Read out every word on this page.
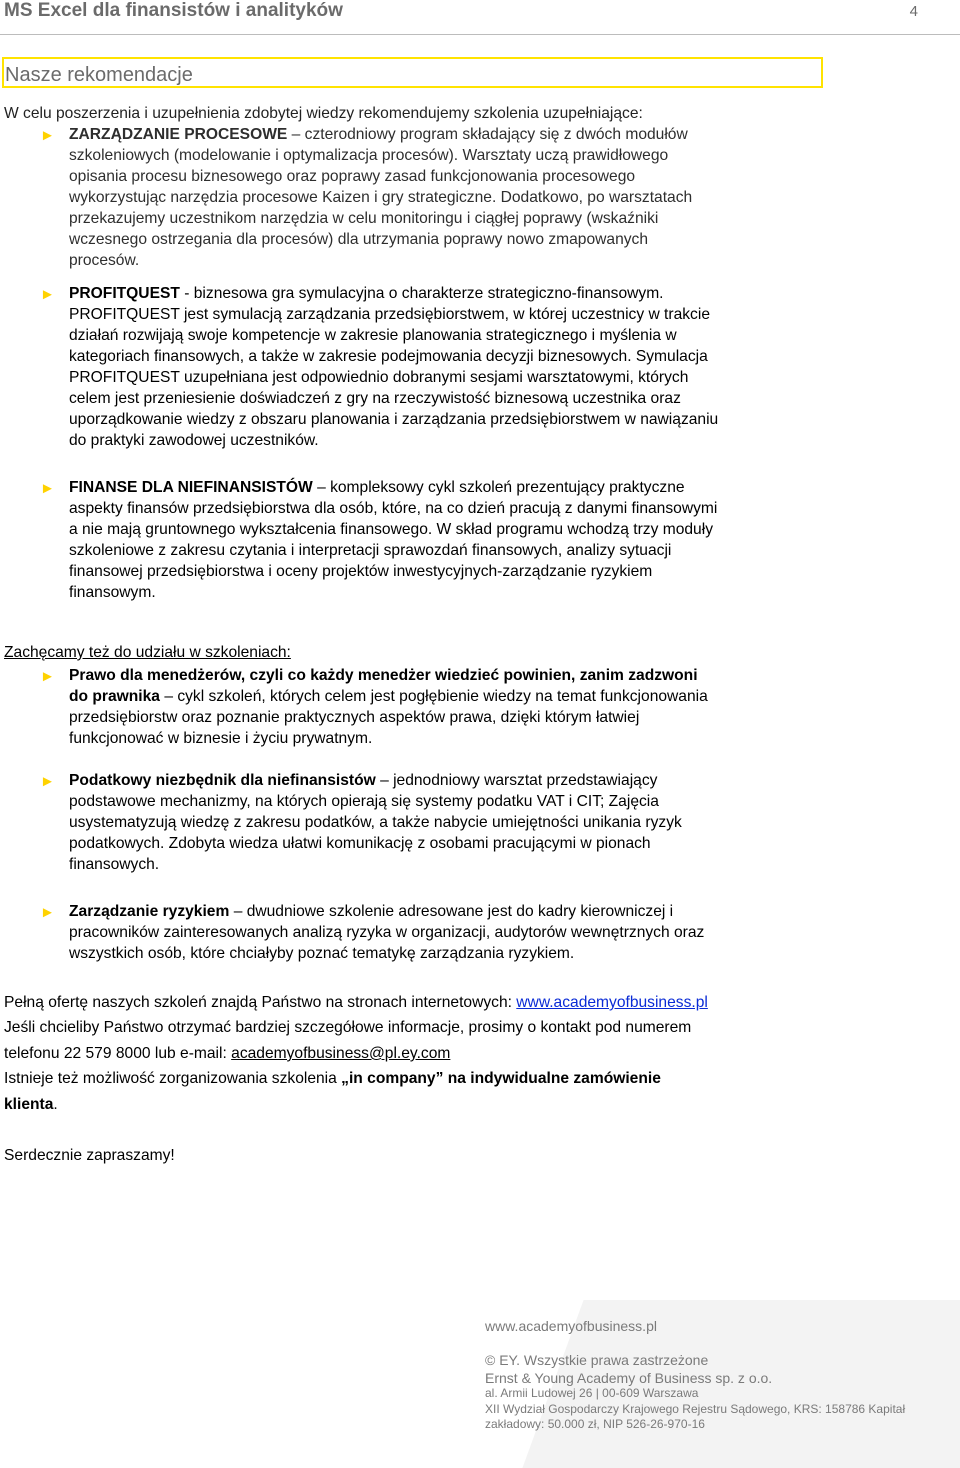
MS Excel dla finansistów i analityków	4
Nasze rekomendacje
W celu poszerzenia i uzupełnienia zdobytej wiedzy rekomendujemy szkolenia uzupełniające:
► ZARZĄDZANIE PROCESOWE – czterodniowy program składający się z dwóch modułów
szkoleniowych (modelowanie i optymalizacja procesów). Warsztaty uczą prawidłowego
opisania procesu biznesowego oraz poprawy zasad funkcjonowania procesowego
wykorzystując narzędzia procesowe Kaizen i gry strategiczne. Dodatkowo, po warsztatach
przekazujemy uczestnikom narzędzia w celu monitoringu i ciągłej poprawy (wskaźniki
wczesnego ostrzegania dla procesów) dla utrzymania poprawy nowo zmapowanych
procesów.
► PROFITQUEST - biznesowa gra symulacyjna o charakterze strategiczno-finansowym.
PROFITQUEST jest symulacją zarządzania przedsiębiorstwem, w której uczestnicy w trakcie
działań rozwijają swoje kompetencje w zakresie planowania strategicznego i myślenia w
kategoriach finansowych, a także w zakresie podejmowania decyzji biznesowych. Symulacja
PROFITQUEST uzupełniana jest odpowiednio dobranymi sesjami warsztatowymi, których
celem jest przeniesienie doświadczeń z gry na rzeczywistość biznesową uczestnika oraz
uporządkowanie wiedzy z obszaru planowania i zarządzania przedsiębiorstwem w nawiązaniu
do praktyki zawodowej uczestników.
► FINANSE DLA NIEFINANSISTÓW – kompleksowy cykl szkoleń prezentujący praktyczne
aspekty finansów przedsiębiorstwa dla osób, które, na co dzień pracują z danymi finansowymi
a nie mają gruntownego wykształcenia finansowego. W skład programu wchodzą trzy moduły
szkoleniowe z zakresu czytania i interpretacji sprawozdań finansowych, analizy sytuacji
finansowej przedsiębiorstwa i oceny projektów inwestycyjnych-zarządzanie ryzykiem
finansowym.
Zachęcamy też do udziału w szkoleniach:
► Prawo dla menedżerów, czyli co każdy menedżer wiedzieć powinien, zanim zadzwoni
do prawnika – cykl szkoleń, których celem jest pogłębienie wiedzy na temat funkcjonowania
przedsiębiorstw oraz poznanie praktycznych aspektów prawa, dzięki którym łatwiej
funkcjonować w biznesie i życiu prywatnym.
► Podatkowy niezbędnik dla niefinansistów – jednodniowy warsztat przedstawiający
podstawowe mechanizmy, na których opierają się systemy podatku VAT i CIT; Zajęcia
usystematyzują wiedzę z zakresu podatków, a także nabycie umiejętności unikania ryzyk
podatkowych. Zdobyta wiedza ułatwi komunikację z osobami pracującymi w pionach
finansowych.
► Zarządzanie ryzykiem – dwudniowe szkolenie adresowane jest do kadry kierowniczej i
pracowników zainteresowanych analizą ryzyka w organizacji, audytorów wewnętrznych oraz
wszystkich osób, które chciałyby poznać tematykę zarządzania ryzykiem.
Pełną ofertę naszych szkoleń znajdą Państwo na stronach internetowych: www.academyofbusiness.pl
Jeśli chcieliby Państwo otrzymać bardziej szczegółowe informacje, prosimy o kontakt pod numerem
telefonu 22 579 8000 lub e-mail: academyofbusiness@pl.ey.com
Istnieje też możliwość zorganizowania szkolenia „in company” na indywidualne zamówienie
klienta.
Serdecznie zapraszamy!
www.academyofbusiness.pl
© EY. Wszystkie prawa zastrzeżone
Ernst & Young Academy of Business sp. z o.o.
al. Armii Ludowej 26 | 00-609 Warszawa
XII Wydział Gospodarczy Krajowego Rejestru Sądowego, KRS: 158786 Kapitał
zakładowy: 50.000 zł, NIP 526-26-970-16
